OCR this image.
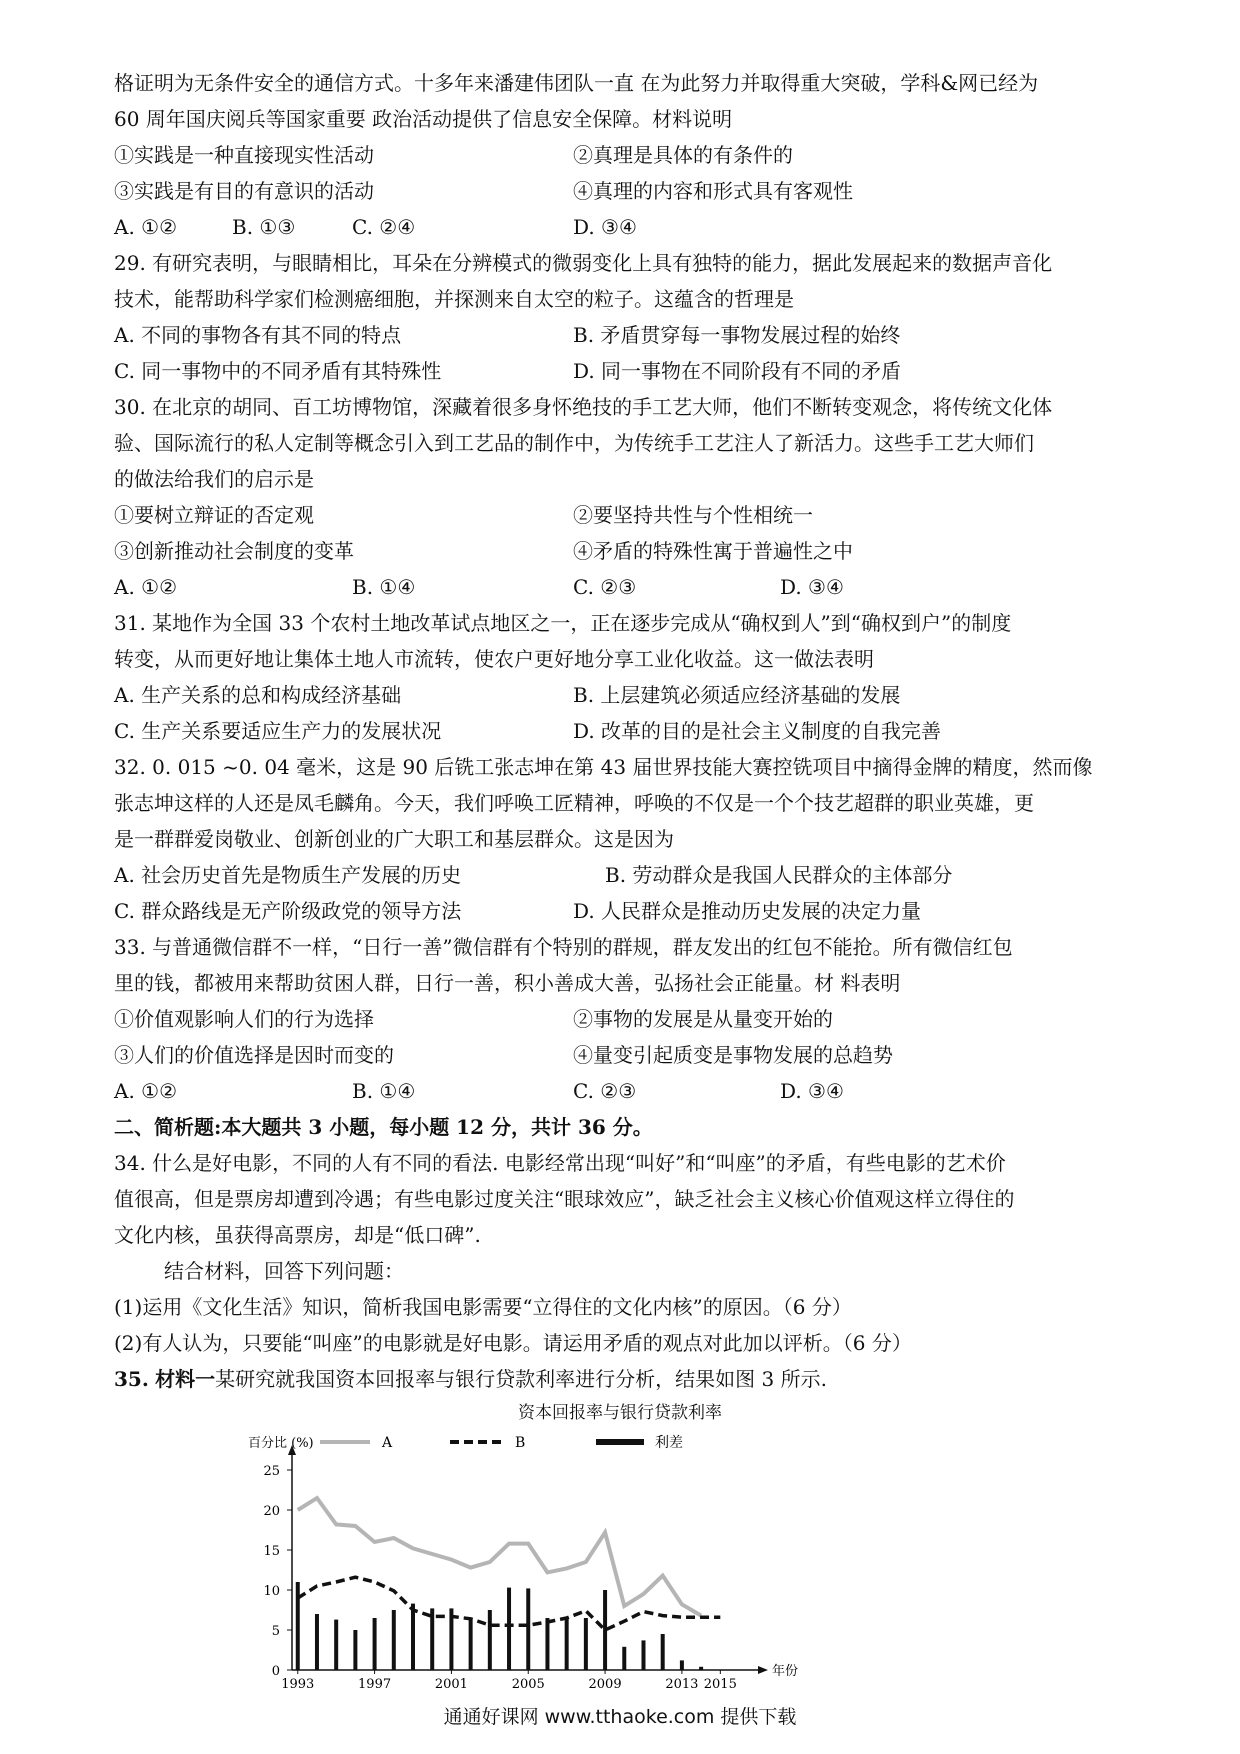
格证明为无条件安全的通信方式。十多年来潘建伟团队一直 在为此努力并取得重大突破，学科&网已经为
60 周年国庆阅兵等国家重要 政治活动提供了信息安全保障。材料说明
①实践是一种直接现实性活动	②真理是具体的有条件的
③实践是有目的有意识的活动	④真理的内容和形式具有客观性
A. ①②	B. ①③	C. ②④	D. ③④
29. 有研究表明，与眼睛相比，耳朵在分辨模式的微弱变化上具有独特的能力，据此发展起来的数据声音化
技术，能帮助科学家们检测癌细胞，并探测来自太空的粒子。这蕴含的哲理是
A. 不同的事物各有其不同的特点	B. 矛盾贯穿每一事物发展过程的始终
C. 同一事物中的不同矛盾有其特殊性	D. 同一事物在不同阶段有不同的矛盾
30. 在北京的胡同、百工坊博物馆，深藏着很多身怀绝技的手工艺大师，他们不断转变观念，将传统文化体
验、国际流行的私人定制等概念引入到工艺品的制作中，为传统手工艺注人了新活力。这些手工艺大师们
的做法给我们的启示是
①要树立辩证的否定观	②要坚持共性与个性相统一
③创新推动社会制度的变革	④矛盾的特殊性寓于普遍性之中
A. ①②	B. ①④	C. ②③	D. ③④
31. 某地作为全国 33 个农村土地改革试点地区之一，正在逐步完成从“确权到人”到“确权到户”的制度
转变，从而更好地让集体土地人市流转，使农户更好地分享工业化收益。这一做法表明
A. 生产关系的总和构成经济基础	B. 上层建筑必须适应经济基础的发展
C. 生产关系要适应生产力的发展状况	D. 改革的目的是社会主义制度的自我完善
32. 0. 015 ~0. 04 毫米，这是 90 后铣工张志坤在第 43 届世界技能大赛控铣项目中摘得金牌的精度，然而像
张志坤这样的人还是凤毛麟角。今天，我们呼唤工匠精神，呼唤的不仅是一个个技艺超群的职业英雄，更
是一群群爱岗敬业、创新创业的广大职工和基层群众。这是因为
A. 社会历史首先是物质生产发展的历史	B. 劳动群众是我国人民群众的主体部分
C. 群众路线是无产阶级政党的领导方法	D. 人民群众是推动历史发展的决定力量
33. 与普通微信群不一样，“日行一善”微信群有个特别的群规，群友发出的红包不能抢。所有微信红包
里的钱，都被用来帮助贫困人群，日行一善，积小善成大善，弘扬社会正能量。材 料表明
①价值观影响人们的行为选择	②事物的发展是从量变开始的
③人们的价值选择是因时而变的	④量变引起质变是事物发展的总趋势
A. ①②	B. ①④	C. ②③	D. ③④
二、简析题:本大题共 3 小题，每小题 12 分，共计 36 分。
34. 什么是好电影，不同的人有不同的看法. 电影经常出现“叫好”和“叫座”的矛盾，有些电影的艺术价
值很高，但是票房却遭到冷遇；有些电影过度关注“眼球效应”，缺乏社会主义核心价值观这样立得住的
文化内核，虽获得高票房，却是“低口碑”.
结合材料，回答下列问题：
(1)运用《文化生活》知识，简析我国电影需要“立得住的文化内核”的原因。（6 分）
(2)有人认为，只要能“叫座”的电影就是好电影。请运用矛盾的观点对此加以评析。（6 分）
35. 材料一某研究就我国资本回报率与银行贷款利率进行分析，结果如图 3 所示.
资本回报率与银行贷款利率
百分比 (%)
年份
0
5
10
15
20
25
1993	1997	2001	2005	2009	2013 2015
A	B	利差
通通好课网 www.tthaoke.com 提供下载
